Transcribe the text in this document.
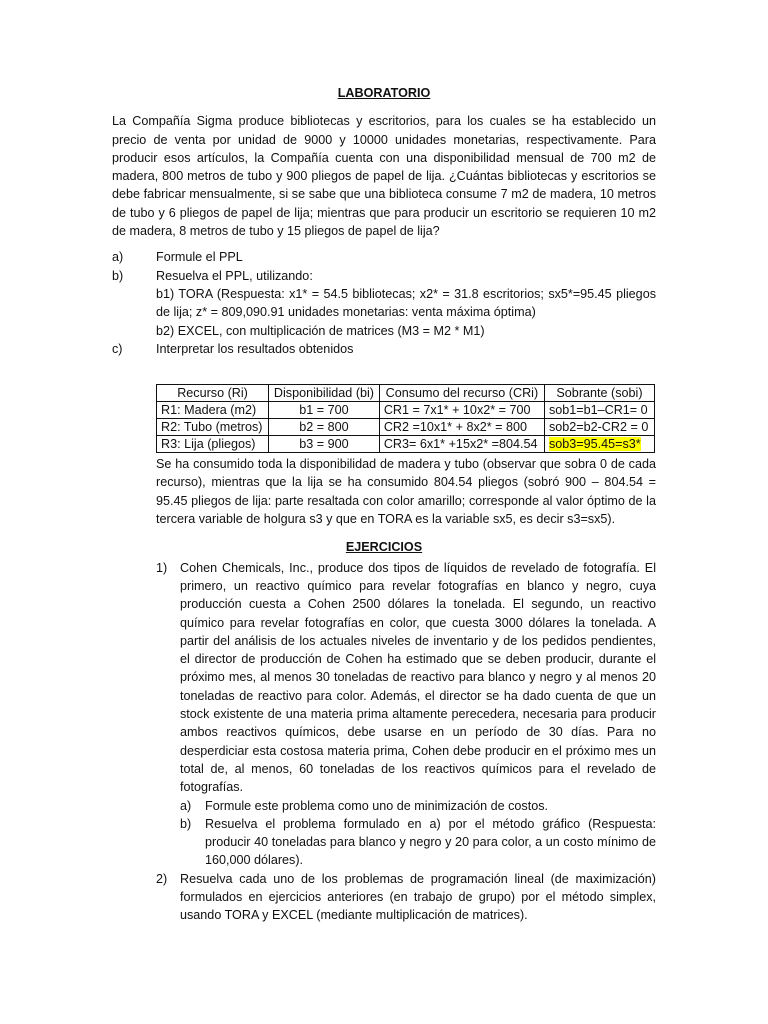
LABORATORIO
La Compañía Sigma produce bibliotecas y escritorios, para los cuales se ha establecido un precio de venta por unidad de 9000 y 10000 unidades monetarias, respectivamente. Para producir esos artículos, la Compañía cuenta con una disponibilidad mensual de 700 m2 de madera, 800 metros de tubo y 900 pliegos de papel de lija. ¿Cuántas bibliotecas y escritorios se debe fabricar mensualmente, si se sabe que una biblioteca consume 7 m2 de madera, 10 metros de tubo y 6 pliegos de papel de lija; mientras que para producir un escritorio se requieren 10 m2 de madera, 8 metros de tubo y 15 pliegos de papel de lija?
a)	Formule el PPL
b)	Resuelva el PPL, utilizando:
b1) TORA (Respuesta: x1* = 54.5 bibliotecas; x2* = 31.8 escritorios; sx5*=95.45 pliegos de lija; z* = 809,090.91 unidades monetarias: venta máxima óptima)
b2) EXCEL, con multiplicación de matrices (M3 = M2 * M1)
c)	Interpretar los resultados obtenidos
Recurso (Ri)	Disponibilidad (bi)	Consumo del recurso (CRi)	Sobrante (sobi)
R1: Madera (m2)	b1 = 700	CR1 = 7x1* + 10x2* = 700	sob1=b1–CR1= 0
R2: Tubo (metros)	b2 = 800	CR2 =10x1* + 8x2* = 800	sob2=b2-CR2 = 0
R3: Lija (pliegos)	b3 = 900	CR3= 6x1* +15x2* =804.54	sob3=95.45=s3*
Se ha consumido toda la disponibilidad de madera y tubo (observar que sobra 0 de cada recurso), mientras que la lija se ha consumido 804.54 pliegos (sobró 900 – 804.54 = 95.45 pliegos de lija: parte resaltada con color amarillo; corresponde al valor óptimo de la tercera variable de holgura s3 y que en TORA es la variable sx5, es decir s3=sx5).
EJERCICIOS
1)	Cohen Chemicals, Inc., produce dos tipos de líquidos de revelado de fotografía. El primero, un reactivo químico para revelar fotografías en blanco y negro, cuya producción cuesta a Cohen 2500 dólares la tonelada. El segundo, un reactivo químico para revelar fotografías en color, que cuesta 3000 dólares la tonelada. A partir del análisis de los actuales niveles de inventario y de los pedidos pendientes, el director de producción de Cohen ha estimado que se deben producir, durante el próximo mes, al menos 30 toneladas de reactivo para blanco y negro y al menos 20 toneladas de reactivo para color. Además, el director se ha dado cuenta de que un stock existente de una materia prima altamente perecedera, necesaria para producir ambos reactivos químicos, debe usarse en un período de 30 días. Para no desperdiciar esta costosa materia prima, Cohen debe producir en el próximo mes un total de, al menos, 60 toneladas de los reactivos químicos para el revelado de fotografías.
a)	Formule este problema como uno de minimización de costos.
b)	Resuelva el problema formulado en a) por el método gráfico (Respuesta: producir 40 toneladas para blanco y negro y 20 para color, a un costo mínimo de 160,000 dólares).
2)	Resuelva cada uno de los problemas de programación lineal (de maximización) formulados en ejercicios anteriores (en trabajo de grupo) por el método simplex, usando TORA y EXCEL (mediante multiplicación de matrices).
